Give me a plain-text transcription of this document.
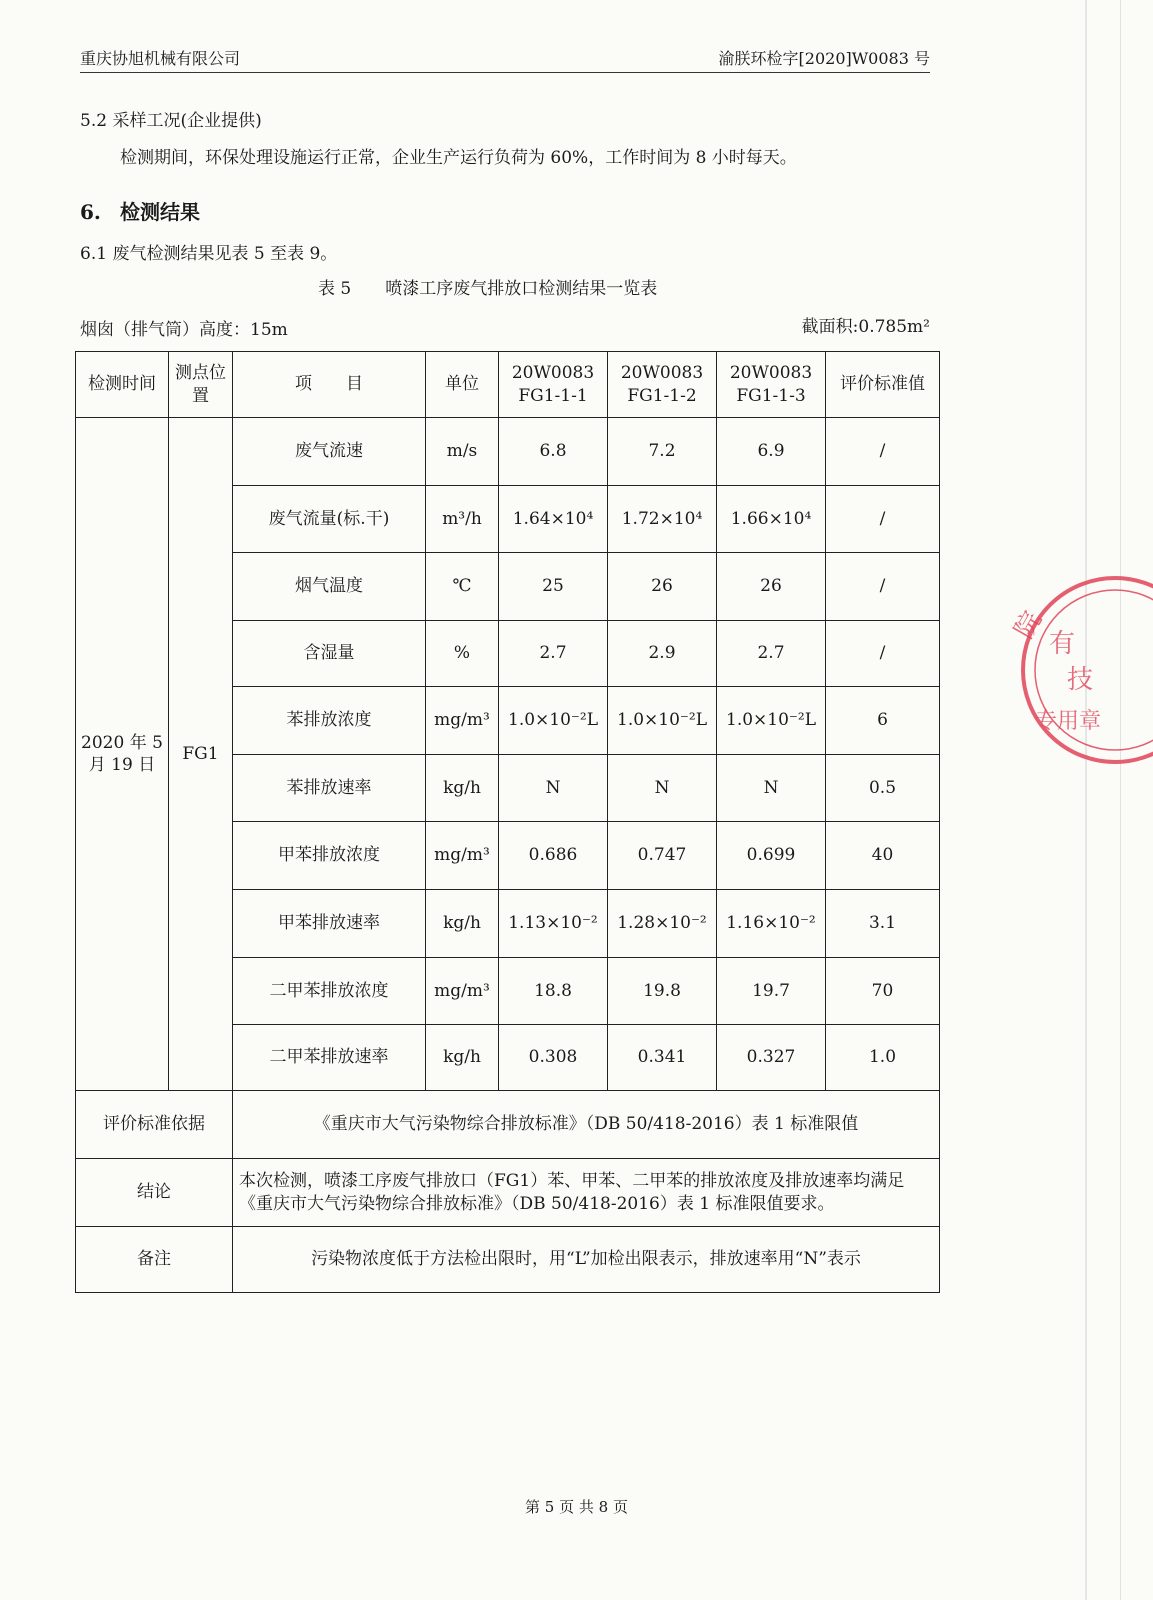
重庆协旭机械有限公司	渝朕环检字[2020]W0083 号
5.2 采样工况(企业提供)
检测期间，环保处理设施运行正常，企业生产运行负荷为 60%，工作时间为 8 小时每天。
6. 检测结果
6.1 废气检测结果见表 5 至表 9。
表 5　　喷漆工序废气排放口检测结果一览表
烟囱（排气筒）高度：15m	截面积:0.785m²
检测时间	测点位置	项　　目	单位	20W0083 FG1-1-1	20W0083 FG1-1-2	20W0083 FG1-1-3	评价标准值
2020 年 5 月 19 日	FG1	废气流速	m/s	6.8	7.2	6.9	/
		废气流量(标.干)	m³/h	1.64×10⁴	1.72×10⁴	1.66×10⁴	/
		烟气温度	℃	25	26	26	/
		含湿量	%	2.7	2.9	2.7	/
		苯排放浓度	mg/m³	1.0×10⁻²L	1.0×10⁻²L	1.0×10⁻²L	6
		苯排放速率	kg/h	N	N	N	0.5
		甲苯排放浓度	mg/m³	0.686	0.747	0.699	40
		甲苯排放速率	kg/h	1.13×10⁻²	1.28×10⁻²	1.16×10⁻²	3.1
		二甲苯排放浓度	mg/m³	18.8	19.8	19.7	70
		二甲苯排放速率	kg/h	0.308	0.341	0.327	1.0
评价标准依据		《重庆市大气污染物综合排放标准》（DB 50/418-2016）表 1 标准限值					
结论		本次检测，喷漆工序废气排放口（FG1）苯、甲苯、二甲苯的排放浓度及排放速率均满足《重庆市大气污染物综合排放标准》（DB 50/418-2016）表 1 标准限值要求。					
备注		污染物浓度低于方法检出限时，用“L”加检出限表示，排放速率用“N”表示					
第 5 页 共 8 页
院
有
技
专用章
